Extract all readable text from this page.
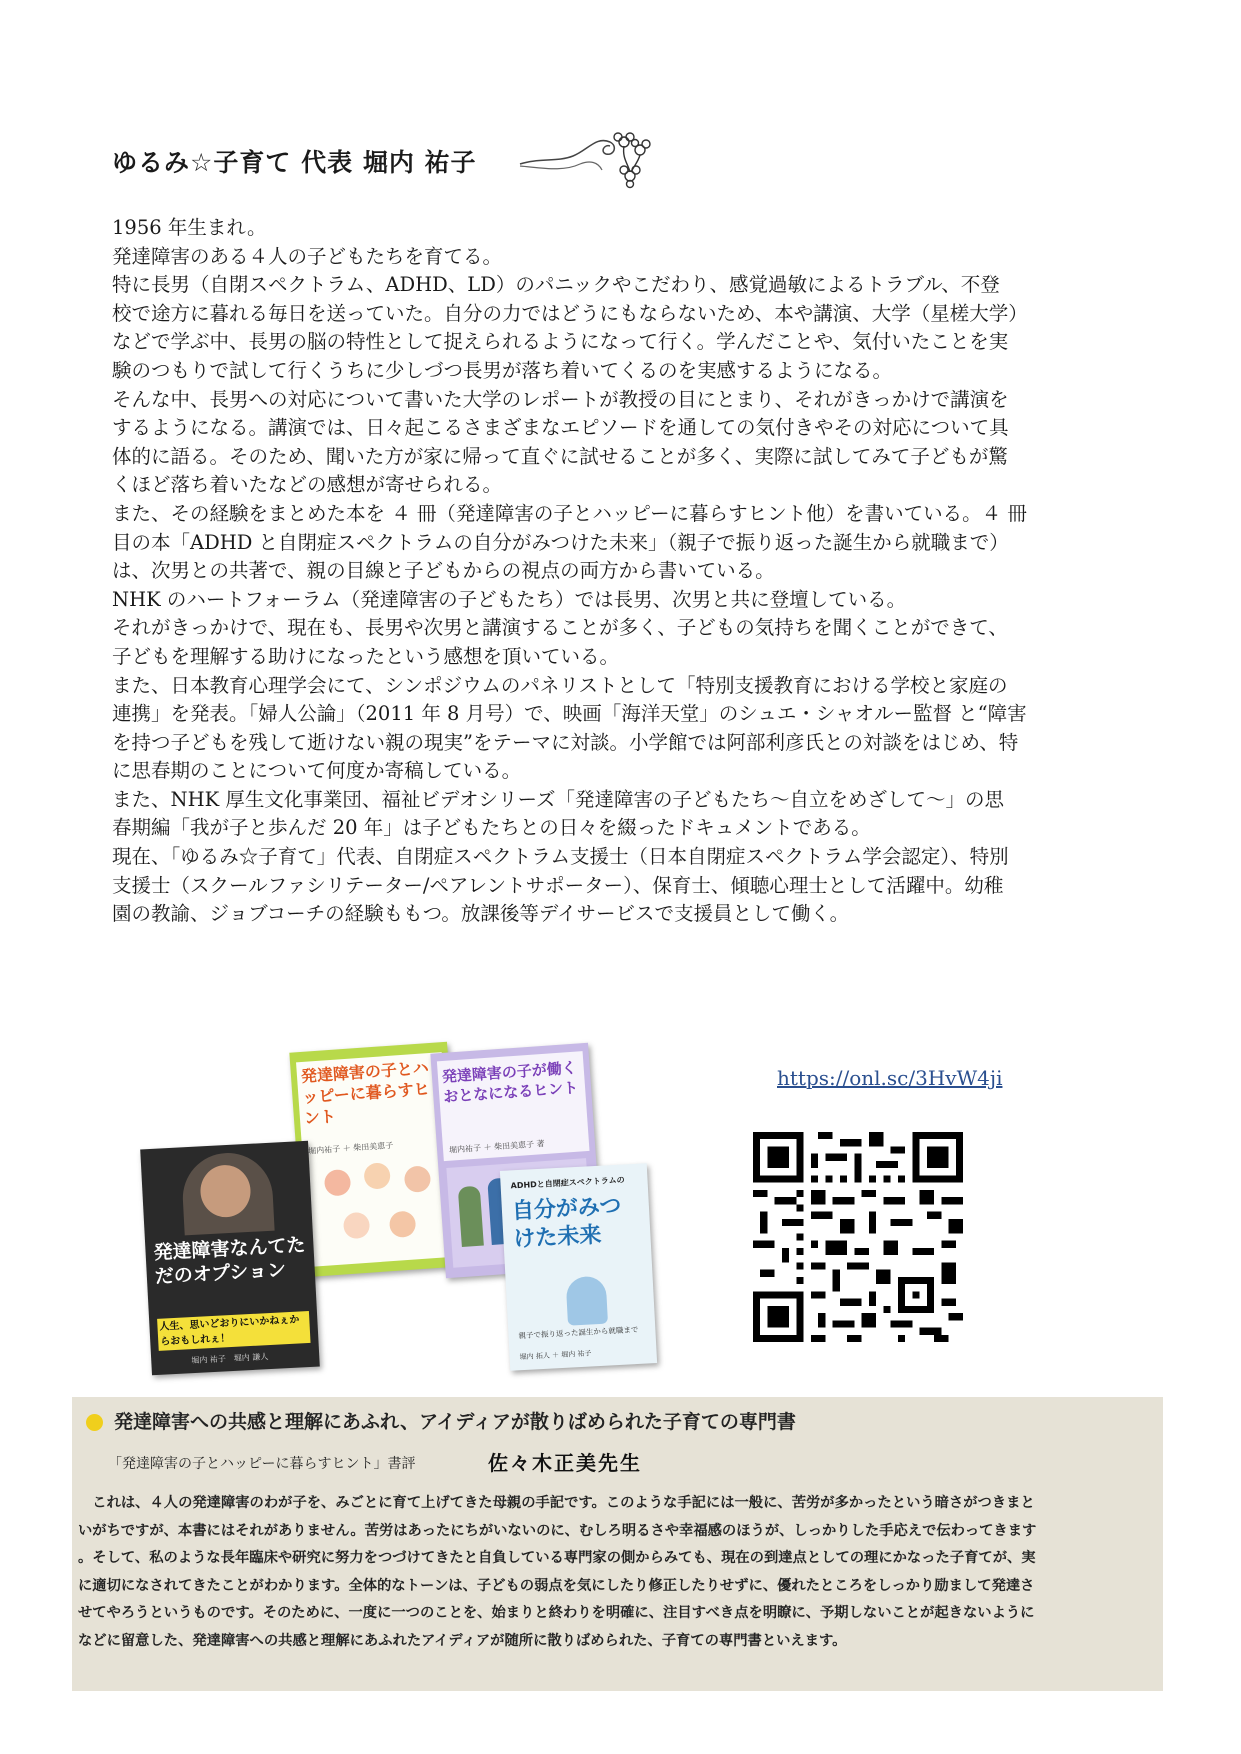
ゆるみ☆子育て 代表 堀内 祐子

1956 年生まれ。

発達障害のある４人の子どもたちを育てる。

特に長男（自閉スペクトラム、ADHD、LD）のパニックやこだわり、感覚過敏によるトラブル、不登

校で途方に暮れる毎日を送っていた。自分の力ではどうにもならないため、本や講演、大学（星槎大学）

などで学ぶ中、長男の脳の特性として捉えられるようになって行く。学んだことや、気付いたことを実

験のつもりで試して行くうちに少しづつ長男が落ち着いてくるのを実感するようになる。

そんな中、長男への対応について書いた大学のレポートが教授の目にとまり、それがきっかけで講演を

するようになる。講演では、日々起こるさまざまなエピソードを通しての気付きやその対応について具

体的に語る。そのため、聞いた方が家に帰って直ぐに試せることが多く、実際に試してみて子どもが驚

くほど落ち着いたなどの感想が寄せられる。

また、その経験をまとめた本を ４ 冊（発達障害の子とハッピーに暮らすヒント他）を書いている。４ 冊

目の本「ADHD と自閉症スペクトラムの自分がみつけた未来」（親子で振り返った誕生から就職まで）

は、次男との共著で、親の目線と子どもからの視点の両方から書いている。

NHK のハートフォーラム（発達障害の子どもたち）では長男、次男と共に登壇している。

それがきっかけで、現在も、長男や次男と講演することが多く、子どもの気持ちを聞くことができて、

子どもを理解する助けになったという感想を頂いている。

また、日本教育心理学会にて、シンポジウムのパネリストとして「特別支援教育における学校と家庭の

連携」を発表。「婦人公論」（2011 年 8 月号）で、映画「海洋天堂」のシュエ・シャオルー監督 と“障害

を持つ子どもを残して逝けない親の現実”をテーマに対談。小学館では阿部利彦氏との対談をはじめ、特

に思春期のことについて何度か寄稿している。

また、NHK 厚生文化事業団、福祉ビデオシリーズ「発達障害の子どもたち〜自立をめざして〜」の思

春期編「我が子と歩んだ 20 年」は子どもたちとの日々を綴ったドキュメントである。

現在、「ゆるみ☆子育て」代表、自閉症スペクトラム支援士（日本自閉症スペクトラム学会認定）、特別

支援士（スクールファシリテーター/ペアレントサポーター）、保育士、傾聴心理士として活躍中。幼稚

園の教諭、ジョブコーチの経験ももつ。放課後等デイサービスで支援員として働く。

発達障害の子とハッピーに暮らすヒント
堀内祐子 ＋ 柴田美恵子
発達障害の子が働くおとなになるヒント
堀内祐子 ＋ 柴田美恵子 著
発達障害なんてただのオプション
人生、思いどおりにいかねぇからおもしれぇ！
堀内 祐子　堀内 謙人
ADHDと自閉症スペクトラムの
自分がみつけた未来
親子で振り返った誕生から就職まで
堀内 拓人 ＋ 堀内 祐子
https://onl.sc/3HvW4ji
発達障害への共感と理解にあふれ、アイディアが散りばめられた子育ての専門書
「発達障害の子とハッピーに暮らすヒント」書評	佐々木正美先生

　これは、４人の発達障害のわが子を、みごとに育て上げてきた母親の手記です。このような手記には一般に、苦労が多かったという暗さがつきまと

いがちですが、本書にはそれがありません。苦労はあったにちがいないのに、むしろ明るさや幸福感のほうが、しっかりした手応えで伝わってきます

。そして、私のような長年臨床や研究に努力をつづけてきたと自負している専門家の側からみても、現在の到達点としての理にかなった子育てが、実

に適切になされてきたことがわかります。全体的なトーンは、子どもの弱点を気にしたり修正したりせずに、優れたところをしっかり励まして発達さ

せてやろうというものです。そのために、一度に一つのことを、始まりと終わりを明確に、注目すべき点を明瞭に、予期しないことが起きないように

などに留意した、発達障害への共感と理解にあふれたアイディアが随所に散りばめられた、子育ての専門書といえます。
